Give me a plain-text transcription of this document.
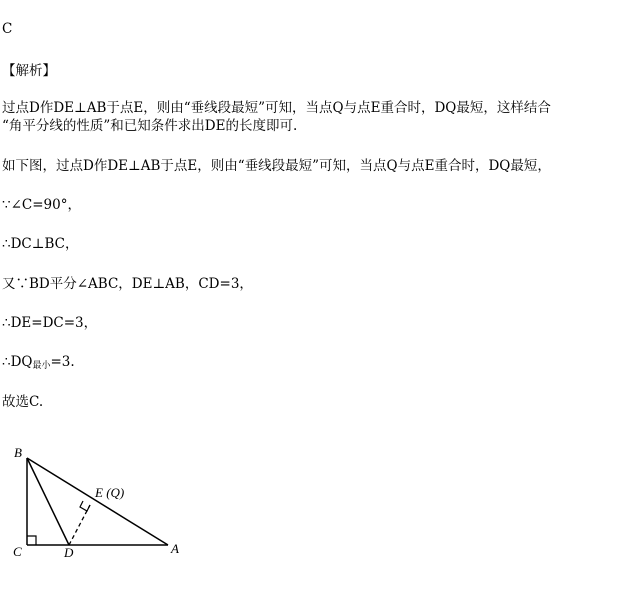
C
【解析】
过点D作DE⊥AB于点E，则由“垂线段最短”可知，当点Q与点E重合时，DQ最短，这样结合
“角平分线的性质”和已知条件求出DE的长度即可.
如下图，过点D作DE⊥AB于点E，则由“垂线段最短”可知，当点Q与点E重合时，DQ最短，
∵∠C=90°，
∴DC⊥BC，
又∵BD平分∠ABC，DE⊥AB，CD=3，
∴DE=DC=3，
$\therefore DQ_{最小}=3$.
故选C.
B
E (Q)
C	D	A
